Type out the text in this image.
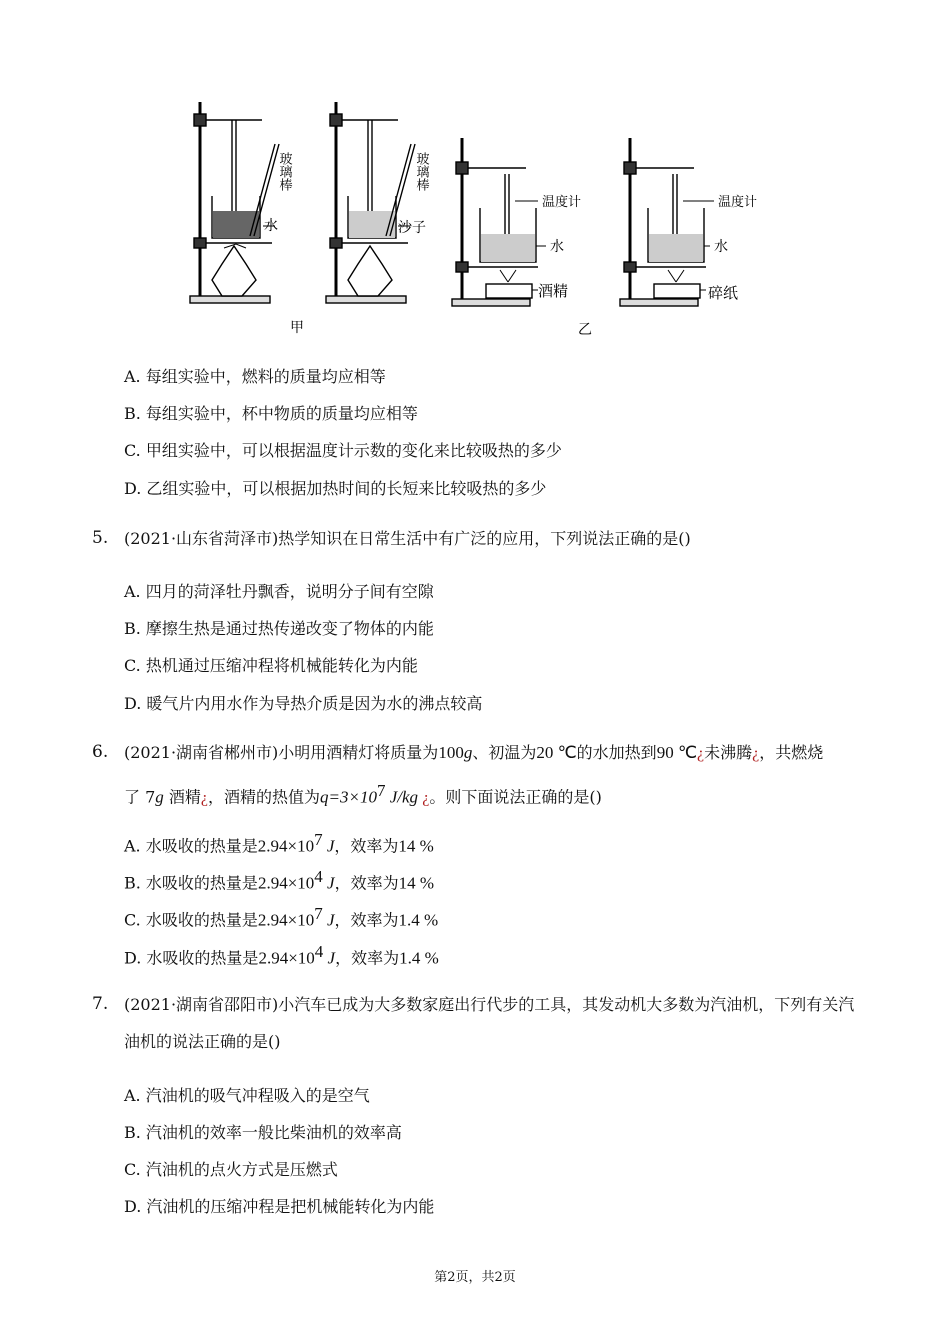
玻璃棒
水
玻璃棒
沙子
温度计
水
酒精
温度计
水
碎纸
甲	乙
A. 每组实验中，燃料的质量均应相等
B. 每组实验中，杯中物质的质量均应相等
C. 甲组实验中，可以根据温度计示数的变化来比较吸热的多少
D. 乙组实验中，可以根据加热时间的长短来比较吸热的多少
5. (2021·山东省菏泽市)热学知识在日常生活中有广泛的应用，下列说法正确的是()
A. 四月的菏泽牡丹飘香，说明分子间有空隙
B. 摩擦生热是通过热传递改变了物体的内能
C. 热机通过压缩冲程将机械能转化为内能
D. 暖气片内用水作为导热介质是因为水的沸点较高
6. (2021·湖南省郴州市)小明用酒精灯将质量为100g、初温为20 ℃的水加热到90 ℃¿未沸腾¿，共燃烧
了 7g 酒精¿，酒精的热值为$q=3\times 10^7$ J/kg ¿。则下面说法正确的是()
A. 水吸收的热量是$2.94\times 10^7$ J，效率为14 %
B. 水吸收的热量是$2.94\times 10^4$ J，效率为14 %
C. 水吸收的热量是$2.94\times 10^7$ J，效率为1.4 %
D. 水吸收的热量是$2.94\times 10^4$ J，效率为1.4 %
7. (2021·湖南省邵阳市)小汽车已成为大多数家庭出行代步的工具，其发动机大多数为汽油机，下列有关汽油机的说法正确的是()
A. 汽油机的吸气冲程吸入的是空气
B. 汽油机的效率一般比柴油机的效率高
C. 汽油机的点火方式是压燃式
D. 汽油机的压缩冲程是把机械能转化为内能
第2页，共2页
